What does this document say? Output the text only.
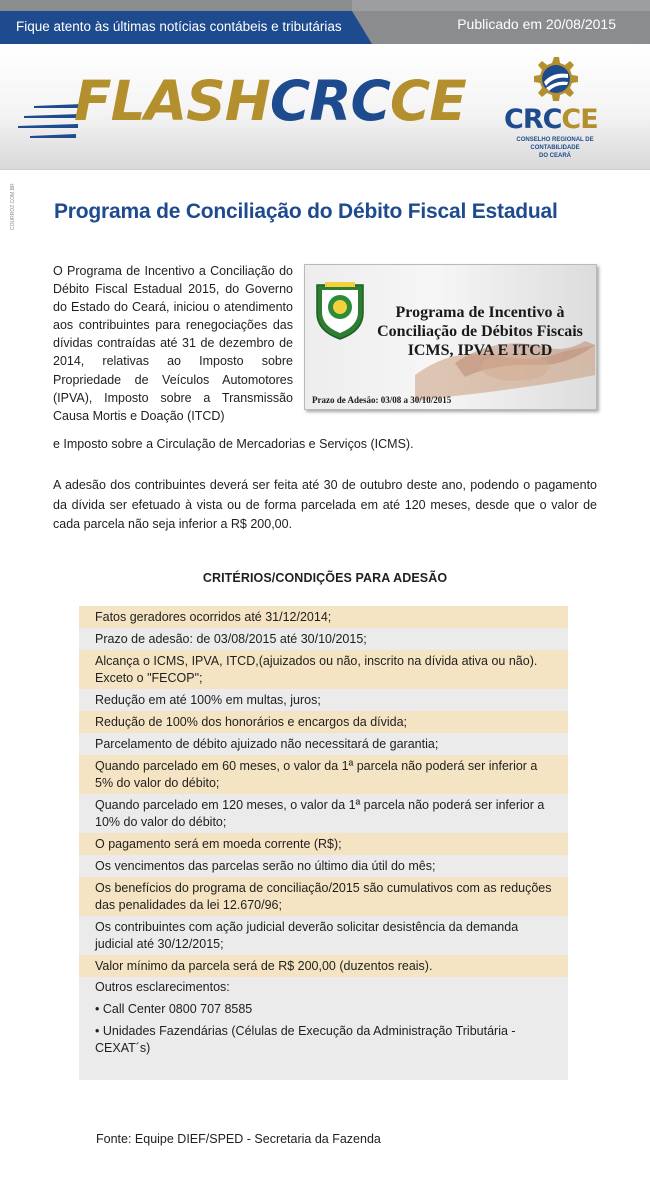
Fique atento às últimas notícias contábeis e tributárias	Publicado em 20/08/2015
FLASHCRCCE CRCCE
CONSELHO REGIONAL DE CONTABILIDADE
DO CEARÁ
COURROZ.COM.BR Programa de Conciliação do Débito Fiscal Estadual

O Programa de Incentivo a Conciliação do Débito Fiscal Estadual 2015, do Governo do Estado do Ceará, iniciou o atendimento aos contribuintes para renegociações das dívidas contraídas até 31 de dezembro de 2014, relativas ao Imposto sobre Propriedade de Veículos Automotores (IPVA), Imposto sobre a Transmissão Causa Mortis e Doação (ITCD)

Programa de Incentivo à
Conciliação de Débitos Fiscais
ICMS, IPVA E ITCD
Prazo de Adesão: 03/08 a 30/10/2015

e Imposto sobre a Circulação de Mercadorias e Serviços (ICMS).

A adesão dos contribuintes deverá ser feita até 30 de outubro deste ano, podendo o pagamento da dívida ser efetuado à vista ou de forma parcelada em até 120 meses, desde que o valor de cada parcela não seja inferior a R$ 200,00.

CRITÉRIOS/CONDIÇÕES PARA ADESÃO
Fatos geradores ocorridos até 31/12/2014;
Prazo de adesão: de 03/08/2015 até 30/10/2015;
Alcança o ICMS, IPVA, ITCD,(ajuizados ou não, inscrito na dívida ativa ou não). Exceto o "FECOP";
Redução em até 100% em multas, juros;
Redução de 100% dos honorários e encargos da dívida;
Parcelamento de débito ajuizado não necessitará de garantia;
Quando parcelado em 60 meses, o valor da 1ª parcela não poderá ser inferior a 5% do valor do débito;
Quando parcelado em 120 meses, o valor da 1ª parcela não poderá ser inferior a 10% do valor do débito;
O pagamento será em moeda corrente (R$);
Os vencimentos das parcelas serão no último dia útil do mês;
Os benefícios do programa de conciliação/2015 são cumulativos com as reduções das penalidades da lei 12.670/96;
Os contribuintes com ação judicial deverão solicitar desistência da demanda judicial até 30/12/2015;
Valor mínimo da parcela será de R$ 200,00 (duzentos reais).
Outros esclarecimentos:
• Call Center 0800 707 8585
• Unidades Fazendárias (Células de Execução da Administração Tributária - CEXAT´s)
Fonte: Equipe DIEF/SPED - Secretaria da Fazenda
